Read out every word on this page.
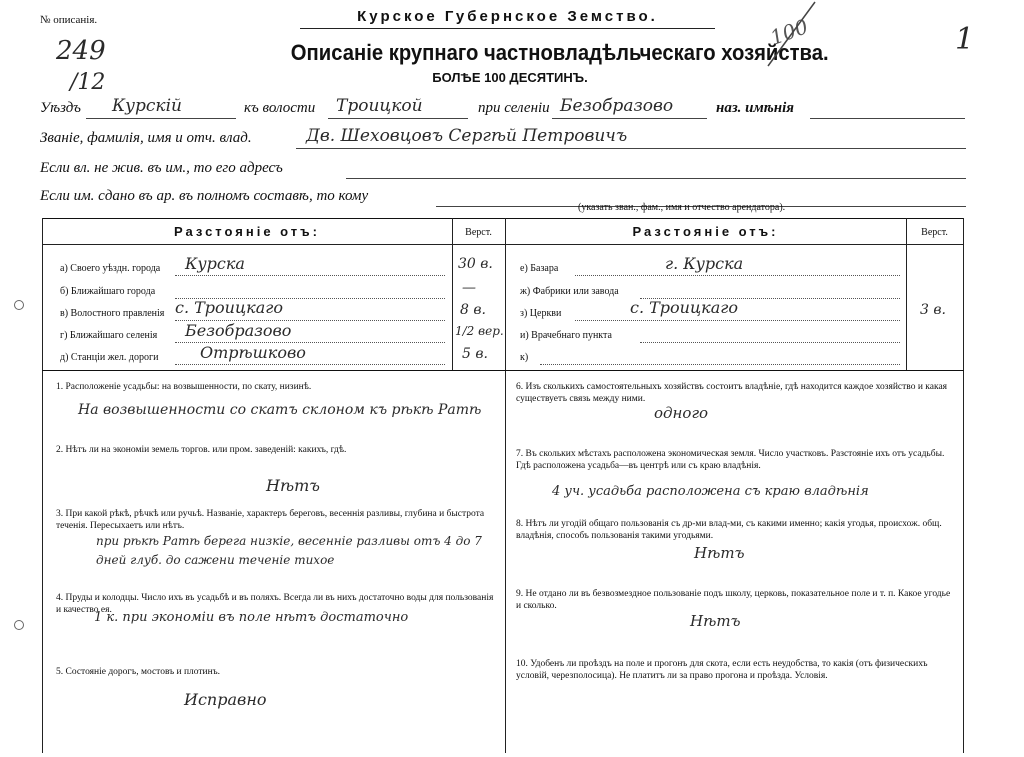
№ описанія.
249
/12
Курское Губернское Земство.
Описаніе крупнаго частновладѣльческаго хозяйства.
БОЛѢЕ 100 ДЕСЯТИНЪ.
100	1
Уѣздъ Курскій	къ волости Троицкой	при селеніи Безобразово	наз. имѣнія
Званіе, фамилія, имя и отч. влад.	Дв. Шеховцовъ Сергѣй Петровичъ
Если вл. не жив. въ им., то его адресъ
Если им. сдано въ ар. въ полномъ составѣ, то кому
(указать зван., фам., имя и отчество арендатора).
Разстояніе отъ:	Верст.	Разстояніе отъ:	Верст.
а) Своего уѣздн. города Курска	30 в.
б) Ближайшаго города	—
в) Волостного правленія с. Троицкаго	8 в.
г) Ближайшаго селенія Безобразово	1/2 вер.
д) Станціи жел. дороги	Отрѣшково	5 в.
е) Базара	г. Курска
ж) Фабрики или завода
з) Церкви	с. Троицкаго	3 в.
и) Врачебнаго пункта
к)
1. Расположеніе усадьбы: на возвышенности, по скату, низинѣ.
На возвышенности со скатъ склоном къ рѣкѣ Ратѣ
2. Нѣтъ ли на экономіи земель торгов. или пром. заведеній: какихъ, гдѣ.
Нѣтъ
3. При какой рѣкѣ, рѣчкѣ или ручьѣ. Названіе, характеръ береговъ, весеннія разливы, глубина и быстрота теченія. Пересыхаетъ или нѣтъ.
при рѣкѣ Ратѣ берега низкіе, весенніе разливы отъ 4 до 7 дней глуб. до сажени теченіе тихое
4. Пруды и колодцы. Число ихъ въ усадьбѣ и въ поляхъ. Всегда ли въ нихъ достаточно воды для пользованія и качество ея.
1 к. при экономіи въ поле нѣтъ достаточно
5. Состояніе дорогъ, мостовъ и плотинъ.
Исправно
6. Изъ сколькихъ самостоятельныхъ хозяйствъ состоитъ владѣніе, гдѣ находится каждое хозяйство и какая существуетъ связь между ними.
одного
7. Въ скольких мѣстахъ расположена экономическая земля. Число участковъ. Разстояніе ихъ отъ усадьбы. Гдѣ расположена усадьба—въ центрѣ или съ краю владѣнія.
4 уч. усадьба расположена съ краю владѣнія
8. Нѣтъ ли угодій общаго пользованія съ др-ми влад-ми, съ какими именно; какія угодья, происхож. общ. владѣнія, способъ пользованія такими угодьями.
Нѣтъ
9. Не отдано ли въ безвозмездное пользованіе подъ школу, церковь, показательное поле и т. п. Какое угодье и сколько.
Нѣтъ
10. Удобенъ ли проѣздъ на поле и прогонъ для скота, если есть неудобства, то какія (отъ физическихъ условій, черезполосица). Не платитъ ли за право прогона и проѣзда. Условія.
